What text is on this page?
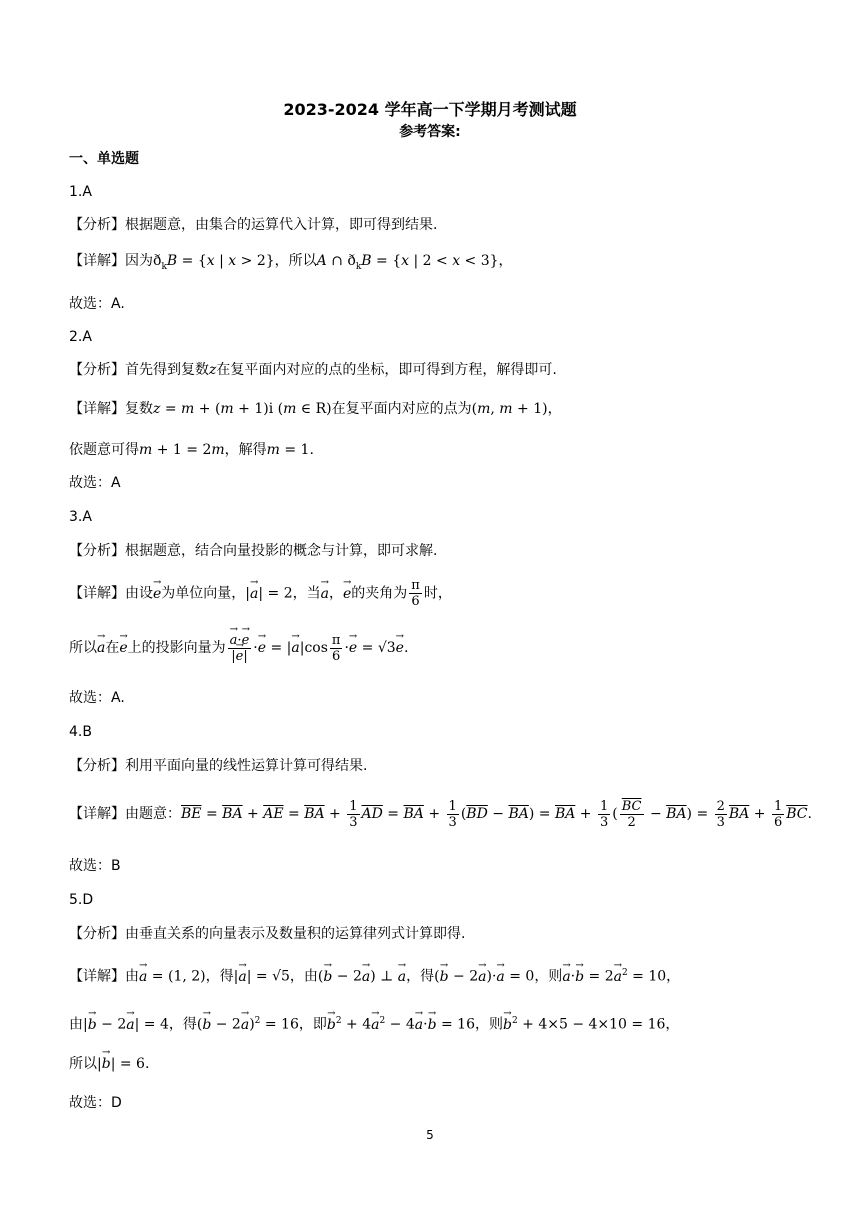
2023-2024 学年高一下学期月考测试题
参考答案:
一、单选题
1.A
【分析】根据题意，由集合的运算代入计算，即可得到结果.
【详解】因为$ð_kB = \{x$ | x > 2}，所以A ∩ $ð_kB = \{x$ | 2 < x < 3}，
故选：A.
2.A
【分析】首先得到复数z在复平面内对应的点的坐标，即可得到方程，解得即可.
【详解】复数z = m + (m + 1)i (m ∈ R)在复平面内对应的点为(m, m + 1)，
依题意可得m + 1 = 2m，解得m = 1.
故选：A
3.A
【分析】根据题意，结合向量投影的概念与计算，即可求解.
【详解】由设→ e为单位向量，|→ a| = 2，当→ a，→ e的夹角为 $\frac{\pi}{6}$ 时，
所以→ a在→ e上的投影向量为 → $\frac{a\cdot\to e}{|\to e|} \cdot\to e$ = |→ $a|\cos \frac{\pi}{6} \cdot\to e = √3\to e$.
故选：A.
4.B
【分析】利用平面向量的线性运算计算可得结果.
【详解】由题意：$\overline{BE} = \overline{BA} + \overline{AE} = \overline{BA} + \frac{1}{3} \overline{AD} = \overline{BA} + \frac{1}{3} (\overline{BD} - \overline{BA}) = \overline{BA} + \frac{1}{3}$ ( $\frac{\overline{BC}}{2} - \overline{BA}) = \frac{2}{3} \overline{BA} + \frac{1}{6} \overline{BC}$.
故选：B
5.D
【分析】由垂直关系的向量表示及数量积的运算律列式计算即得.
【详解】由→ a = (1, 2)，得|→ a| = √5，由(→ b − 2→ a) ⊥ → a，得(→ b − 2→ a)·→ a = 0，则→ $a\cdot\to b = 2\to a^2 = 10$，
由|→ b − 2→ a| = 4，得(→ b − 2→ a)$^2$ = 16，即→ $b^2 + 4\to a^2 - 4\to a\cdot\to b = 16$，则→ $b^2 + 4\times 5 - 4\times 10 = 16$，
所以|→ b| = 6.
故选：D
5
